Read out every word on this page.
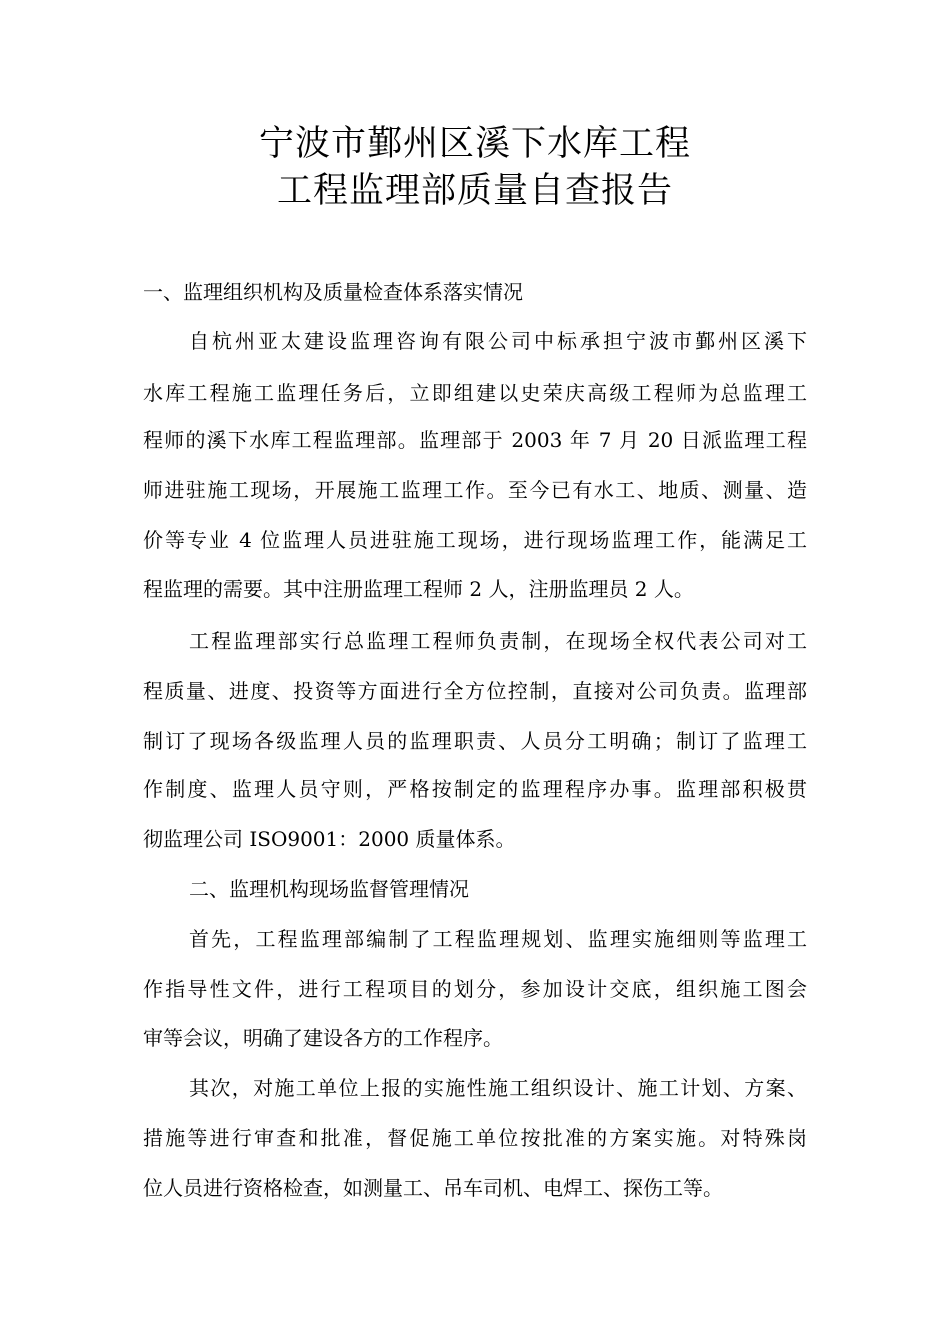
宁波市鄞州区溪下水库工程
工程监理部质量自查报告
一、监理组织机构及质量检查体系落实情况
自杭州亚太建设监理咨询有限公司中标承担宁波市鄞州区溪下
水库工程施工监理任务后，立即组建以史荣庆高级工程师为总监理工
程师的溪下水库工程监理部。监理部于 2003 年 7 月 20 日派监理工程
师进驻施工现场，开展施工监理工作。至今已有水工、地质、测量、造
价等专业 4 位监理人员进驻施工现场，进行现场监理工作，能满足工
程监理的需要。其中注册监理工程师 2 人，注册监理员 2 人。
工程监理部实行总监理工程师负责制，在现场全权代表公司对工
程质量、进度、投资等方面进行全方位控制，直接对公司负责。监理部
制订了现场各级监理人员的监理职责、人员分工明确；制订了监理工
作制度、监理人员守则，严格按制定的监理程序办事。监理部积极贯
彻监理公司 ISO9001：2000 质量体系。
二、监理机构现场监督管理情况
首先，工程监理部编制了工程监理规划、监理实施细则等监理工
作指导性文件，进行工程项目的划分，参加设计交底，组织施工图会
审等会议，明确了建设各方的工作程序。
其次，对施工单位上报的实施性施工组织设计、施工计划、方案、
措施等进行审查和批准，督促施工单位按批准的方案实施。对特殊岗
位人员进行资格检查，如测量工、吊车司机、电焊工、探伤工等。
